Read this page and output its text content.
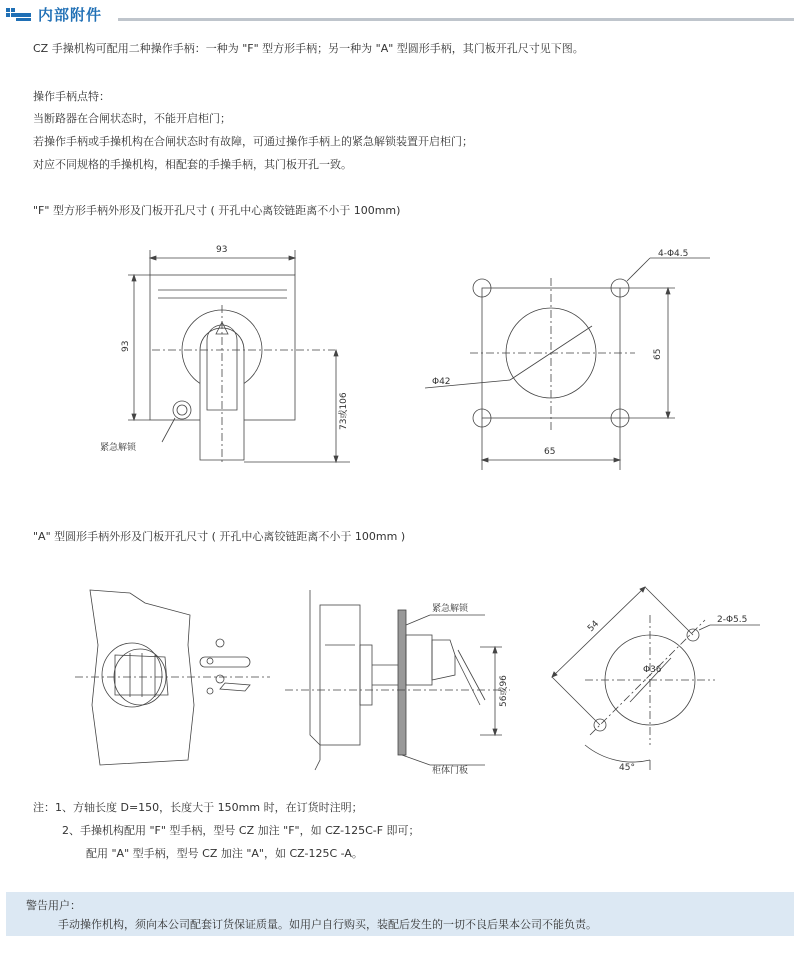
内部附件
CZ 手操机构可配用二种操作手柄：一种为 "F" 型方形手柄；另一种为 "A" 型圆形手柄，其门板开孔尺寸见下图。
操作手柄点特：
当断路器在合闸状态时，不能开启柜门；
若操作手柄或手操机构在合闸状态时有故障，可通过操作手柄上的紧急解锁装置开启柜门；
对应不同规格的手操机构，相配套的手操手柄，其门板开孔一致。
"F" 型方形手柄外形及门板开孔尺寸 ( 开孔中心离铰链距离不小于 100mm)
93
93
73或106
紧急解锁
4-Φ4.5
Φ42
65
65
"A" 型圆形手柄外形及门板开孔尺寸 ( 开孔中心离铰链距离不小于 100mm )
紧急解锁
56或96
柜体门板
54	2-Φ5.5
Φ36
45°
注：1、方轴长度 D=150，长度大于 150mm 时，在订货时注明；
2、手操机构配用 "F" 型手柄，型号 CZ 加注 "F"，如 CZ-125C-F 即可；
配用 "A" 型手柄，型号 CZ 加注 "A"，如 CZ-125C -A。
警告用户：
手动操作机构，须向本公司配套订货保证质量。如用户自行购买，装配后发生的一切不良后果本公司不能负责。
